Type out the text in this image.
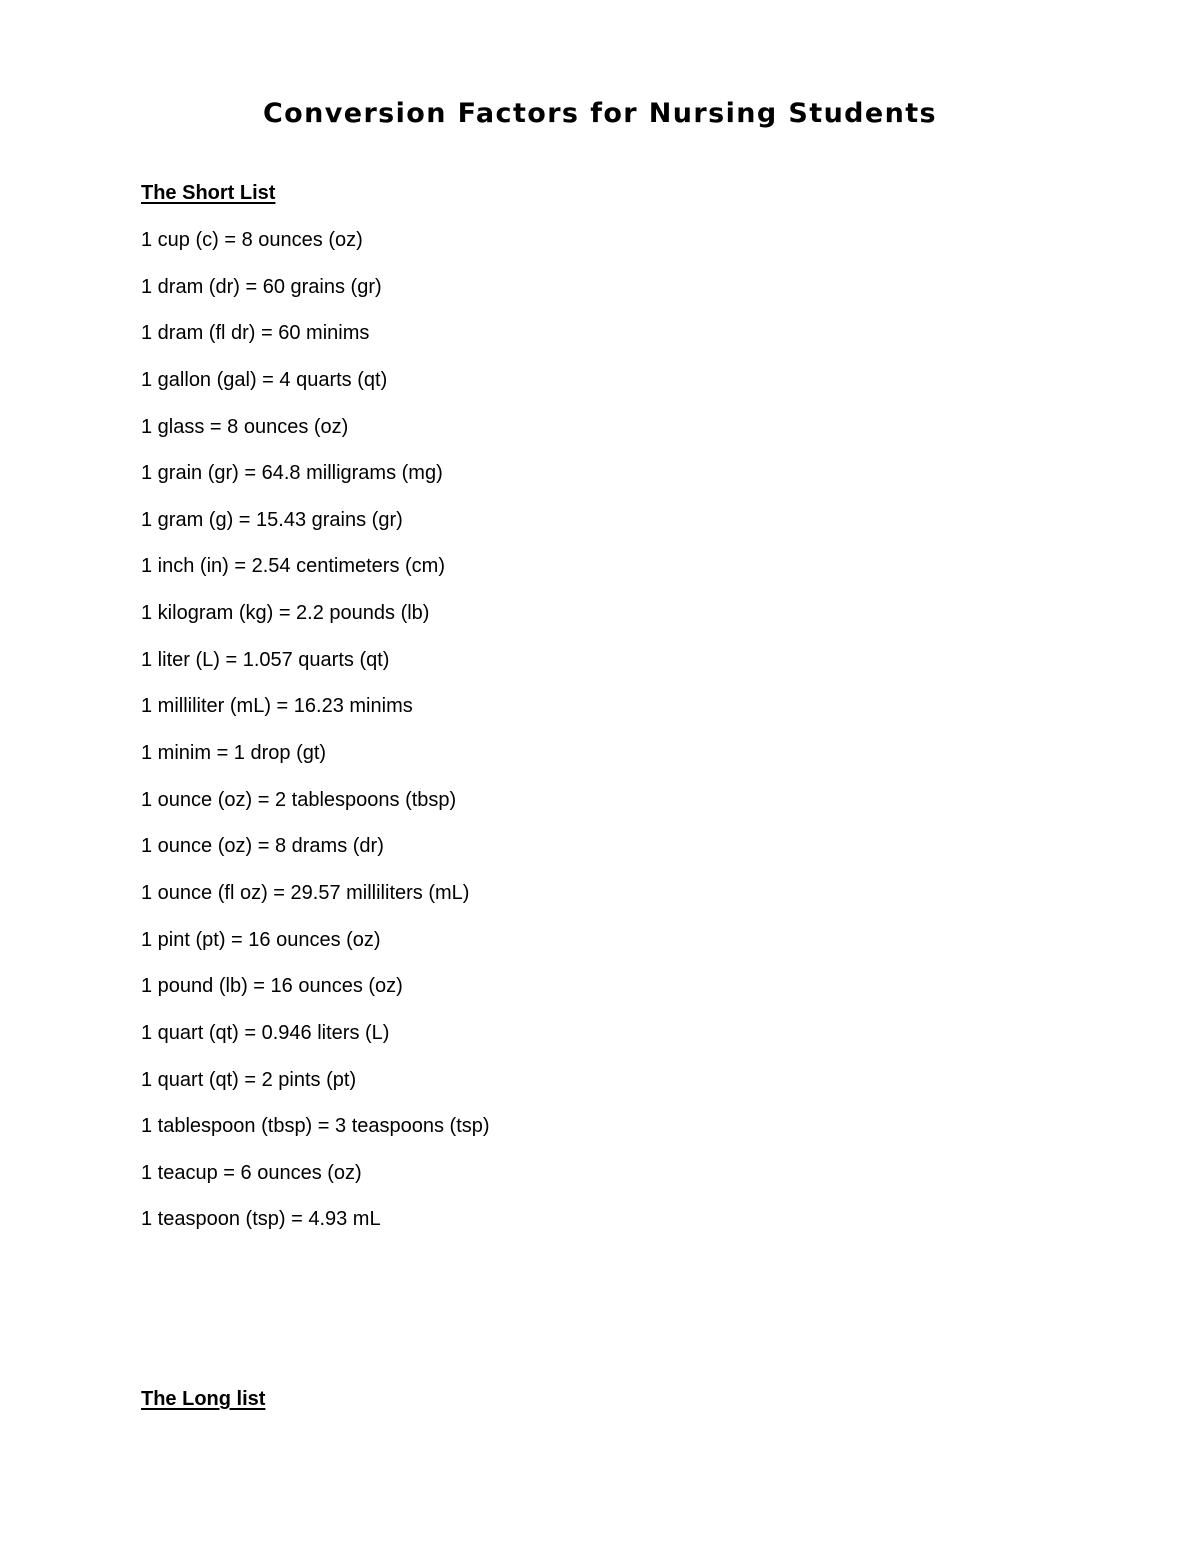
Conversion Factors for Nursing Students
The Short List
1 cup (c) = 8 ounces (oz)
1 dram (dr) = 60 grains (gr)
1 dram (fl dr) = 60 minims
1 gallon (gal) = 4 quarts (qt)
1 glass = 8 ounces (oz)
1 grain (gr) = 64.8 milligrams (mg)
1 gram (g) = 15.43 grains (gr)
1 inch (in) = 2.54 centimeters (cm)
1 kilogram (kg) = 2.2 pounds (lb)
1 liter (L) = 1.057 quarts (qt)
1 milliliter (mL) = 16.23 minims
1 minim = 1 drop (gt)
1 ounce (oz) = 2 tablespoons (tbsp)
1 ounce (oz) = 8 drams (dr)
1 ounce (fl oz) = 29.57 milliliters (mL)
1 pint (pt) = 16 ounces (oz)
1 pound (lb) = 16 ounces (oz)
1 quart (qt) = 0.946 liters (L)
1 quart (qt) = 2 pints (pt)
1 tablespoon (tbsp) = 3 teaspoons (tsp)
1 teacup = 6 ounces (oz)
1 teaspoon (tsp) = 4.93 mL
The Long list
